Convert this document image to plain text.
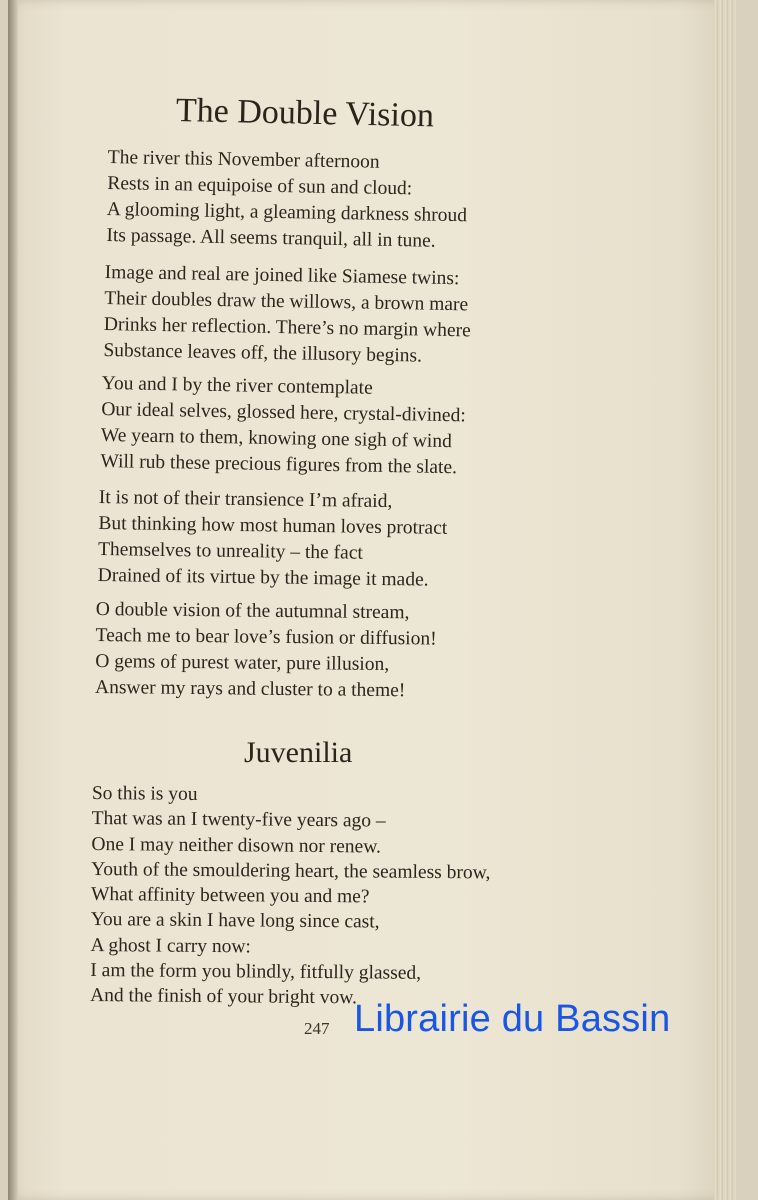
The Double Vision
The river this November afternoon
Rests in an equipoise of sun and cloud:
A glooming light, a gleaming darkness shroud
Its passage. All seems tranquil, all in tune.
Image and real are joined like Siamese twins:
Their doubles draw the willows, a brown mare
Drinks her reflection. There’s no margin where
Substance leaves off, the illusory begins.
You and I by the river contemplate
Our ideal selves, glossed here, crystal-divined:
We yearn to them, knowing one sigh of wind
Will rub these precious figures from the slate.
It is not of their transience I’m afraid,
But thinking how most human loves protract
Themselves to unreality – the fact
Drained of its virtue by the image it made.
O double vision of the autumnal stream,
Teach me to bear love’s fusion or diffusion!
O gems of purest water, pure illusion,
Answer my rays and cluster to a theme!
Juvenilia
So this is you
That was an I twenty-five years ago –
One I may neither disown nor renew.
Youth of the smouldering heart, the seamless brow,
What affinity between you and me?
You are a skin I have long since cast,
A ghost I carry now:
I am the form you blindly, fitfully glassed,
And the finish of your bright vow.
247 Librairie du Bassin
